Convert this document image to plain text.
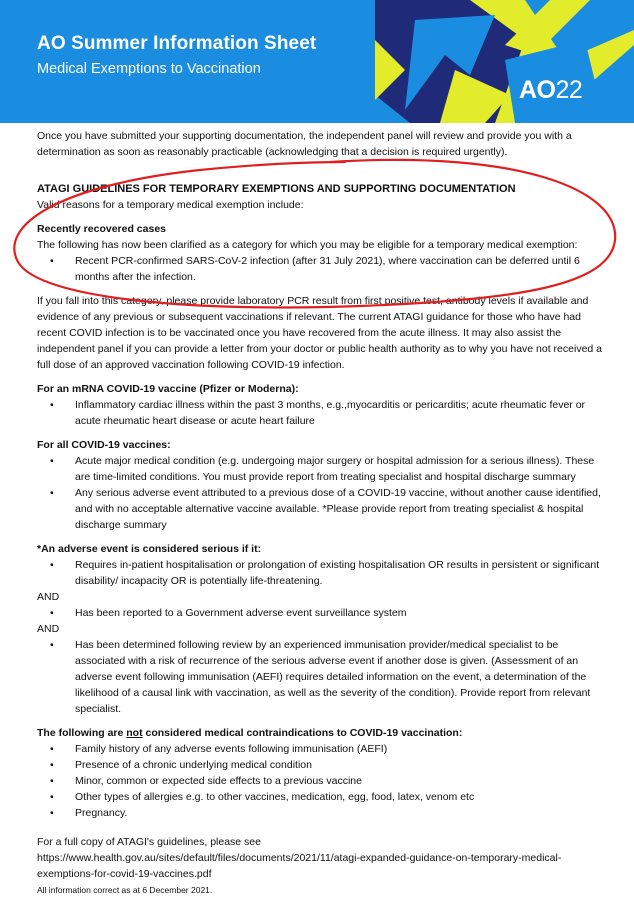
AO Summer Information Sheet
Medical Exemptions to Vaccination
AO22

Once you have submitted your supporting documentation, the independent panel will review and provide you with a determination as soon as reasonably practicable (acknowledging that a decision is required urgently).

ATAGI GUIDELINES FOR TEMPORARY EXEMPTIONS AND SUPPORTING DOCUMENTATION

Valid reasons for a temporary medical exemption include:

Recently recovered cases

The following has now been clarified as a category for which you may be eligible for a temporary medical exemption:

• Recent PCR-confirmed SARS-CoV-2 infection (after 31 July 2021), where vaccination can be deferred until 6 months after the infection.

If you fall into this category, please provide laboratory PCR result from first positive test, antibody levels if available and evidence of any previous or subsequent vaccinations if relevant. The current ATAGI guidance for those who have had recent COVID infection is to be vaccinated once you have recovered from the acute illness. It may also assist the independent panel if you can provide a letter from your doctor or public health authority as to why you have not received a full dose of an approved vaccination following COVID-19 infection.

For an mRNA COVID-19 vaccine (Pfizer or Moderna):

• Inflammatory cardiac illness within the past 3 months, e.g.,myocarditis or pericarditis; acute rheumatic fever or acute rheumatic heart disease or acute heart failure

For all COVID-19 vaccines:

• Acute major medical condition (e.g. undergoing major surgery or hospital admission for a serious illness). These are time-limited conditions. You must provide report from treating specialist and hospital discharge summary
• Any serious adverse event attributed to a previous dose of a COVID-19 vaccine, without another cause identified, and with no acceptable alternative vaccine available. *Please provide report from treating specialist & hospital discharge summary

*An adverse event is considered serious if it:

• Requires in-patient hospitalisation or prolongation of existing hospitalisation OR results in persistent or significant disability/ incapacity OR is potentially life-threatening.

AND

• Has been reported to a Government adverse event surveillance system

AND

• Has been determined following review by an experienced immunisation provider/medical specialist to be associated with a risk of recurrence of the serious adverse event if another dose is given. (Assessment of an adverse event following immunisation (AEFI) requires detailed information on the event, a determination of the likelihood of a causal link with vaccination, as well as the severity of the condition). Provide report from relevant specialist.

The following are not considered medical contraindications to COVID-19 vaccination:

• Family history of any adverse events following immunisation (AEFI)
• Presence of a chronic underlying medical condition
• Minor, common or expected side effects to a previous vaccine
• Other types of allergies e.g. to other vaccines, medication, egg, food, latex, venom etc
• Pregnancy.

For a full copy of ATAGI's guidelines, please see

https://www.health.gov.au/sites/default/files/documents/2021/11/atagi-expanded-guidance-on-temporary-medical-exemptions-for-covid-19-vaccines.pdf

All information correct as at 6 December 2021.
